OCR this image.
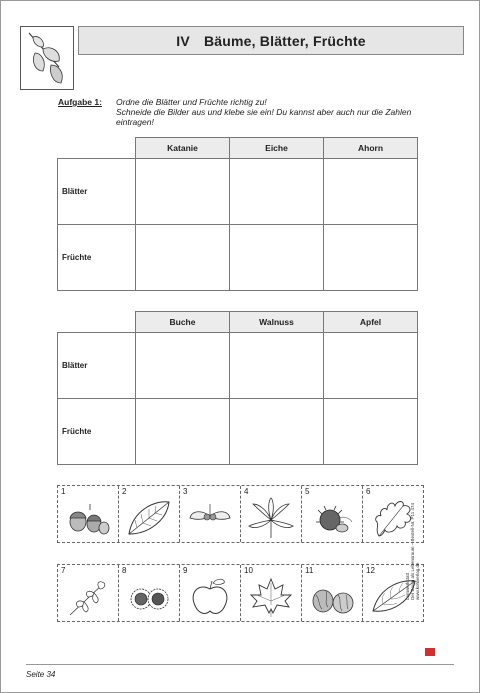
IV Bäume, Blätter, Früchte
Aufgabe 1: Ordne die Blätter und Früchte richtig zu!
Schneide die Bilder aus und klebe sie ein! Du kannst aber auch nur die Zahlen eintragen!
	Katanie	Eiche	Ahorn
Blätter			
Früchte			
	Buche	Walnuss	Apfel
Blätter			
Früchte			
1	2	3	4	5	6
7	8	9	10	11	12
Lernwerkstatt Der Baum als Lebensraum – Bestell-Nr. P11 474 www.kohlverlag.de
Seite 34
